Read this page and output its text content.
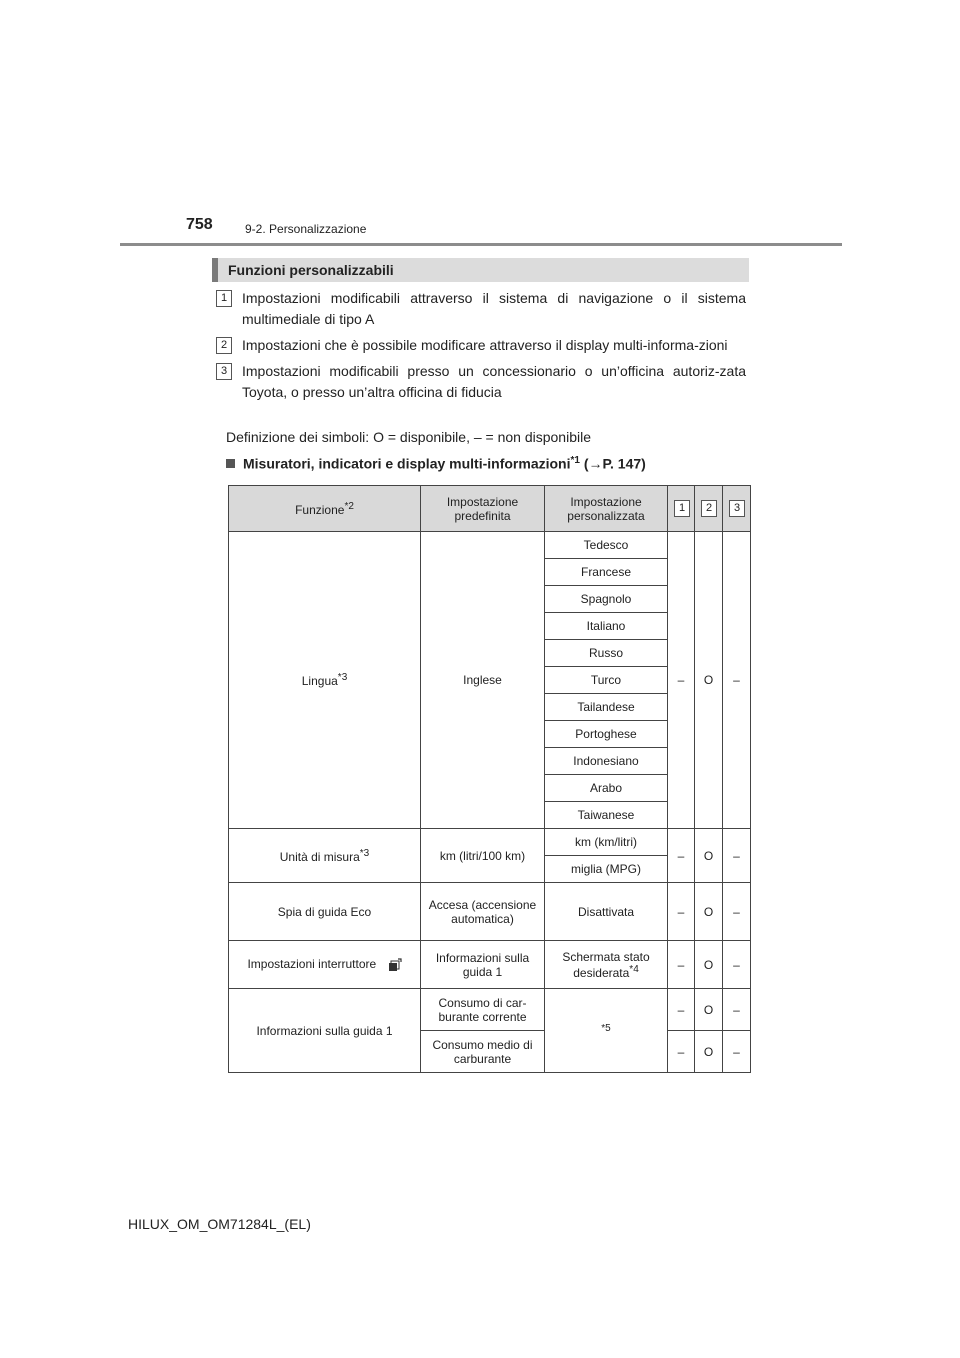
758	9-2. Personalizzazione
Funzioni personalizzabili
1	Impostazioni modificabili attraverso il sistema di navigazione o il sistema multimediale di tipo A
2	Impostazioni che è possibile modificare attraverso il display multi-informa-zioni
3	Impostazioni modificabili presso un concessionario o un’officina autoriz-zata Toyota, o presso un’altra officina di fiducia
Definizione dei simboli: O = disponibile, – = non disponibile
Misuratori, indicatori e display multi-informazioni$^{*1}$ (→P. 147)
Funzione$^{*2}$	Impostazione predefinita	Impostazione personalizzata	1	2	3
Lingua$^{*3}$	Inglese	Tedesco	–	O	–
		Francese			
		Spagnolo			
		Italiano			
		Russo			
		Turco			
		Tailandese			
		Portoghese			
		Indonesiano			
		Arabo			
		Taiwanese			
Unità di misura$^{*3}$	km (litri/100 km)	km (km/litri)	–	O	–
		miglia (MPG)			
Spia di guida Eco	Accesa (accensione automatica)	Disattivata	–	O	–
Impostazioni interruttore	Informazioni sulla guida 1	Schermata stato desiderata$^{*4}$	–	O	–
Informazioni sulla guida 1	Consumo di car-burante corrente	$^{*5}$	–	O	–
	Consumo medio di carburante		–	O	–
HILUX_OM_OM71284L_(EL)
